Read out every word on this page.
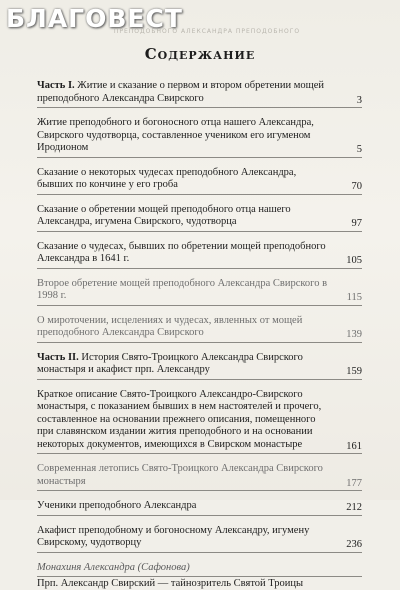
БЛАГОВЕСТ
ПРЕПОДОБНОГО АЛЕКСАНДРА ПРЕПОДОБНОГО
Содержание
Часть I. Житие и сказание о первом и втором обретении мощей преподобного Александра Свирского	3
Житие преподобного и богоносного отца нашего Александра, Свирского чудотворца, составленное учеником его игуменом Иродионом	5
Сказание о некоторых чудесах преподобного Александра, бывших по кончине у его гроба	70
Сказание о обретении мощей преподобного отца нашего Александра, игумена Свирского, чудотворца	97
Сказание о чудесах, бывших по обретении мощей преподобного Александра в 1641 г.	105
Второе обретение мощей преподобного Александра Свирского в 1998 г.	115
О мироточении, исцелениях и чудесах, явленных от мощей преподобного Александра Свирского	139
Часть II. История Свято-Троицкого Александра Свирского монастыря и акафист прп. Александру	159
Краткое описание Свято-Троицкого Александро-Свирского монастыря, с показанием бывших в нем настоятелей и прочего, составленное на основании прежнего описания, помещенного при славянском издании жития преподобного и на основании некоторых документов, имеющихся в Свирском монастыре	161
Современная летопись Свято-Троицкого Александра Свирского монастыря	177
Ученики преподобного Александра	212
Акафист преподобному и богоносному Александру, игумену Свирскому, чудотворцу	236
Монахиня Александра (Сафонова)
Прп. Александр Свирский — тайнозритель Святой Троицы
